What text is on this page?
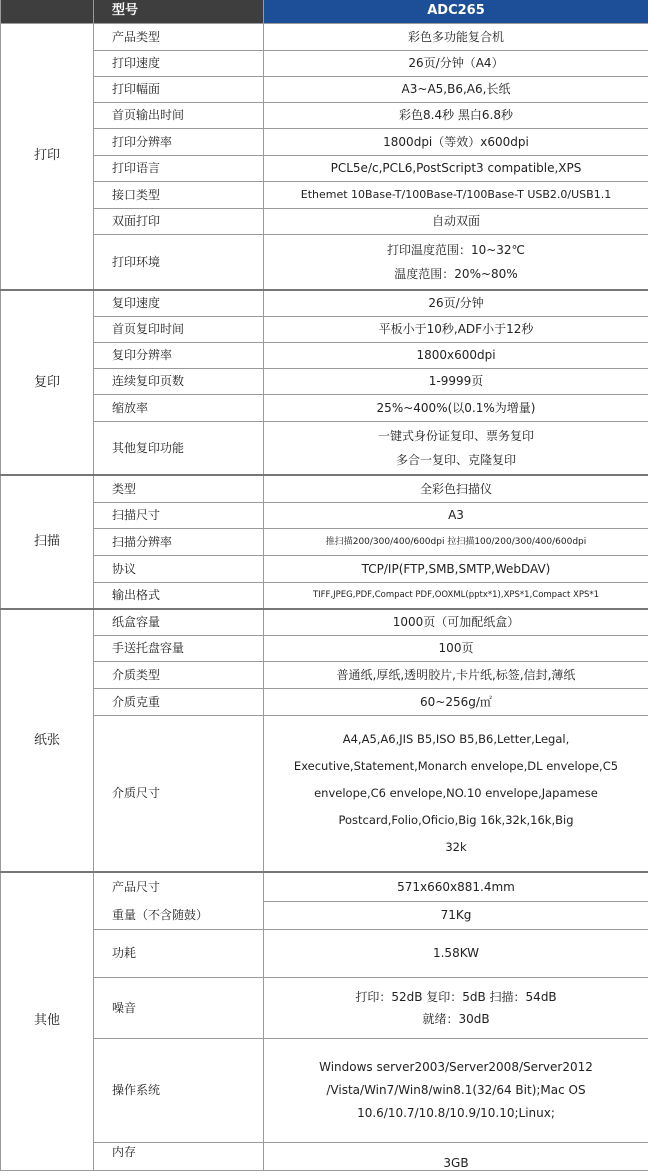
	型号	ADC265
打印	产品类型	彩色多功能复合机
	打印速度	26页/分钟（A4）
	打印幅面	A3~A5,B6,A6,长纸
	首页输出时间	彩色8.4秒 黑白6.8秒
	打印分辨率	1800dpi（等效）x600dpi
	打印语言	PCL5e/c,PCL6,PostScript3 compatible,XPS
	接口类型	Ethemet 10Base-T/100Base-T/100Base-T USB2.0/USB1.1
	双面打印	自动双面
	打印环境	打印温度范围：10~32℃
温度范围：20%~80%

复印	复印速度	26页/分钟
	首页复印时间	平板小于10秒,ADF小于12秒
	复印分辨率	1800x600dpi
	连续复印页数	1-9999页
	缩放率	25%~400%(以0.1%为增量)
	其他复印功能	一键式身份证复印、票务复印
多合一复印、克隆复印

扫描	类型	全彩色扫描仪
	扫描尺寸	A3
	扫描分辨率	推扫描200/300/400/600dpi 拉扫描100/200/300/400/600dpi
	协议	TCP/IP(FTP,SMB,SMTP,WebDAV)
	输出格式	TIFF,JPEG,PDF,Compact PDF,OOXML(pptx*1),XPS*1,Compact XPS*1
纸张	纸盒容量	1000页（可加配纸盒）
	手送托盘容量	100页
	介质类型	普通纸,厚纸,透明胶片,卡片纸,标签,信封,薄纸
	介质克重	60~256g/㎡
	介质尺寸	A4,A5,A6,JIS B5,ISO B5,B6,Letter,Legal,
Executive,Statement,Monarch envelope,DL envelope,C5
envelope,C6 envelope,NO.10 envelope,Japamese
Postcard,Folio,Oficio,Big 16k,32k,16k,Big
32k

其他	产品尺寸	571x660x881.4mm
	重量（不含随鼓）	71Kg
	功耗	1.58KW
	噪音	打印：52dB 复印：5dB 扫描：54dB
就绪：30dB

	操作系统	Windows server2003/Server2008/Server2012
/Vista/Win7/Win8/win8.1(32/64 Bit);Mac OS
10.6/10.7/10.8/10.9/10.10;Linux;

	内存	3GB
